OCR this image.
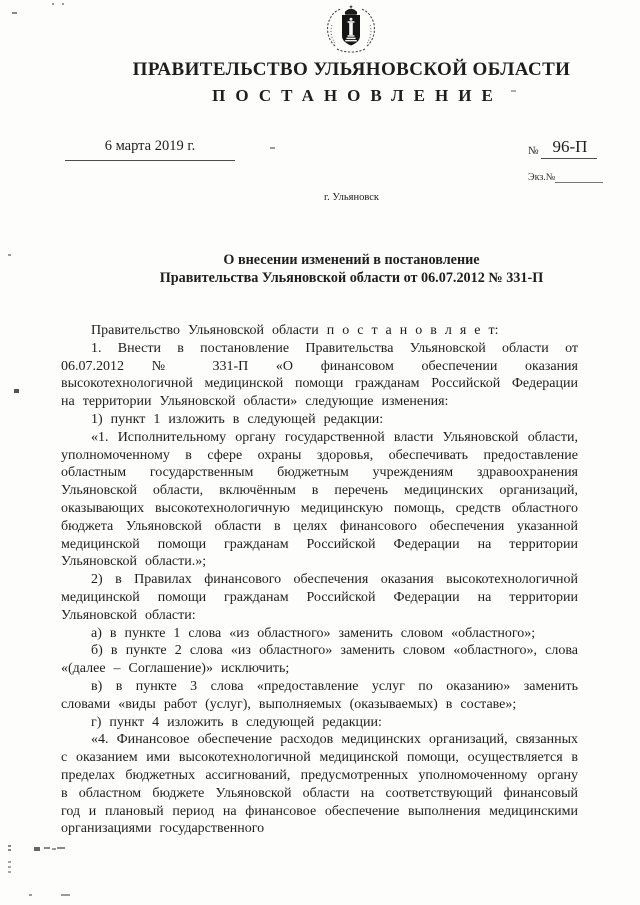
ПРАВИТЕЛЬСТВО УЛЬЯНОВСКОЙ ОБЛАСТИ
ПОСТАНОВЛЕНИЕ
6 марта 2019 г.	№ 96-П
Экз.№
г. Ульяновск
О внесении изменений в постановление
Правительства Ульяновской области от 06.07.2012 № 331-П

Правительство Ульяновской области п о с т а н о в л я е т:

1. Внести в постановление Правительства Ульяновской области от 06.07.2012 № 331-П «О финансовом обеспечении оказания высокотехнологичной медицинской помощи гражданам Российской Федерации на территории Ульяновской области» следующие изменения:

1) пункт 1 изложить в следующей редакции:

«1. Исполнительному органу государственной власти Ульяновской области, уполномоченному в сфере охраны здоровья, обеспечивать предоставление областным государственным бюджетным учреждениям здравоохранения Ульяновской области, включённым в перечень медицинских организаций, оказывающих высокотехнологичную медицинскую помощь, средств областного бюджета Ульяновской области в целях финансового обеспечения указанной медицинской помощи гражданам Российской Федерации на территории Ульяновской области.»;

2) в Правилах финансового обеспечения оказания высокотехнологичной медицинской помощи гражданам Российской Федерации на территории Ульяновской области:

а) в пункте 1 слова «из областного» заменить словом «областного»;

б) в пункте 2 слова «из областного» заменить словом «областного», слова «(далее – Соглашение)» исключить;

в) в пункте 3 слова «предоставление услуг по оказанию» заменить словами «виды работ (услуг), выполняемых (оказываемых) в составе»;

г) пункт 4 изложить в следующей редакции:

«4. Финансовое обеспечение расходов медицинских организаций, связанных с оказанием ими высокотехнологичной медицинской помощи, осуществляется в пределах бюджетных ассигнований, предусмотренных уполномоченному органу в областном бюджете Ульяновской области на соответствующий финансовый год и плановый период на финансовое обеспечение выполнения медицинскими организациями государственного
